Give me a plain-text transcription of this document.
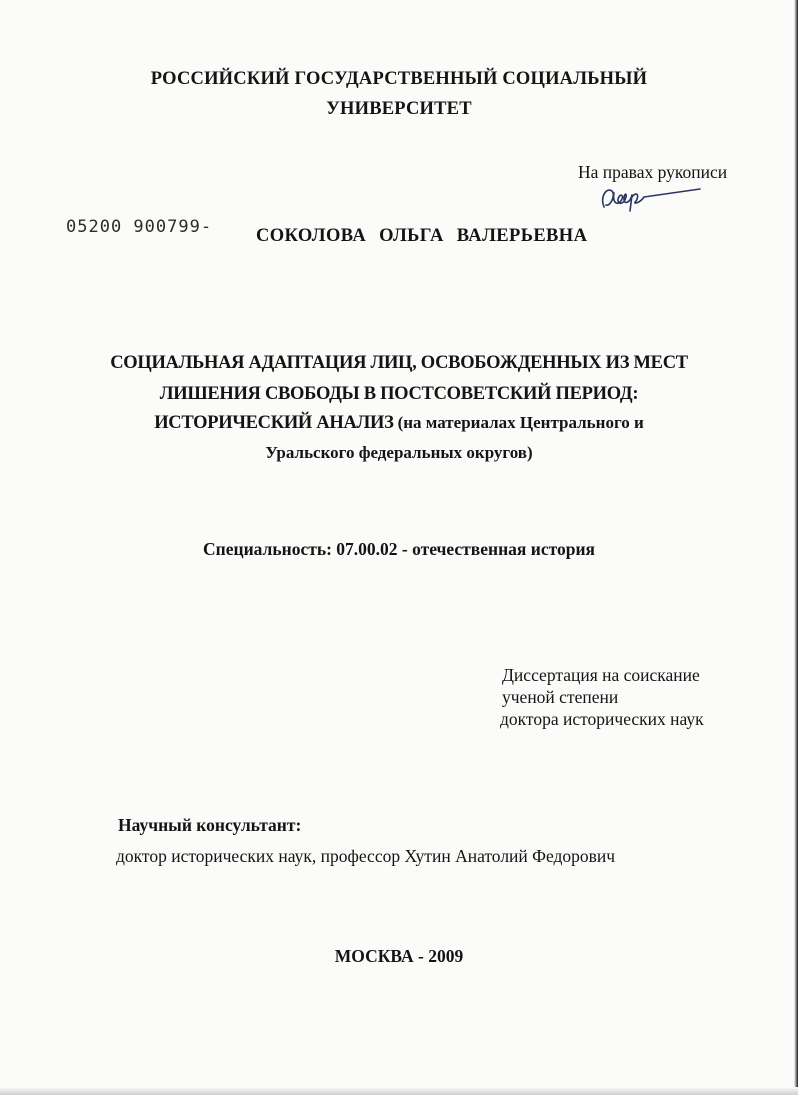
РОССИЙСКИЙ ГОСУДАРСТВЕННЫЙ СОЦИАЛЬНЫЙ
УНИВЕРСИТЕТ
На правах рукописи
05200 900799- СОКОЛОВА ОЛЬГА ВАЛЕРЬЕВНА
СОЦИАЛЬНАЯ АДАПТАЦИЯ ЛИЦ, ОСВОБОЖДЕННЫХ ИЗ МЕСТ
ЛИШЕНИЯ СВОБОДЫ В ПОСТСОВЕТСКИЙ ПЕРИОД:
ИСТОРИЧЕСКИЙ АНАЛИЗ (на материалах Центрального и
Уральского федеральных округов)
Специальность: 07.00.02 - отечественная история
Диссертация на соискание
ученой степени
доктора исторических наук
Научный консультант:
доктор исторических наук, профессор Хутин Анатолий Федорович
МОСКВА - 2009
